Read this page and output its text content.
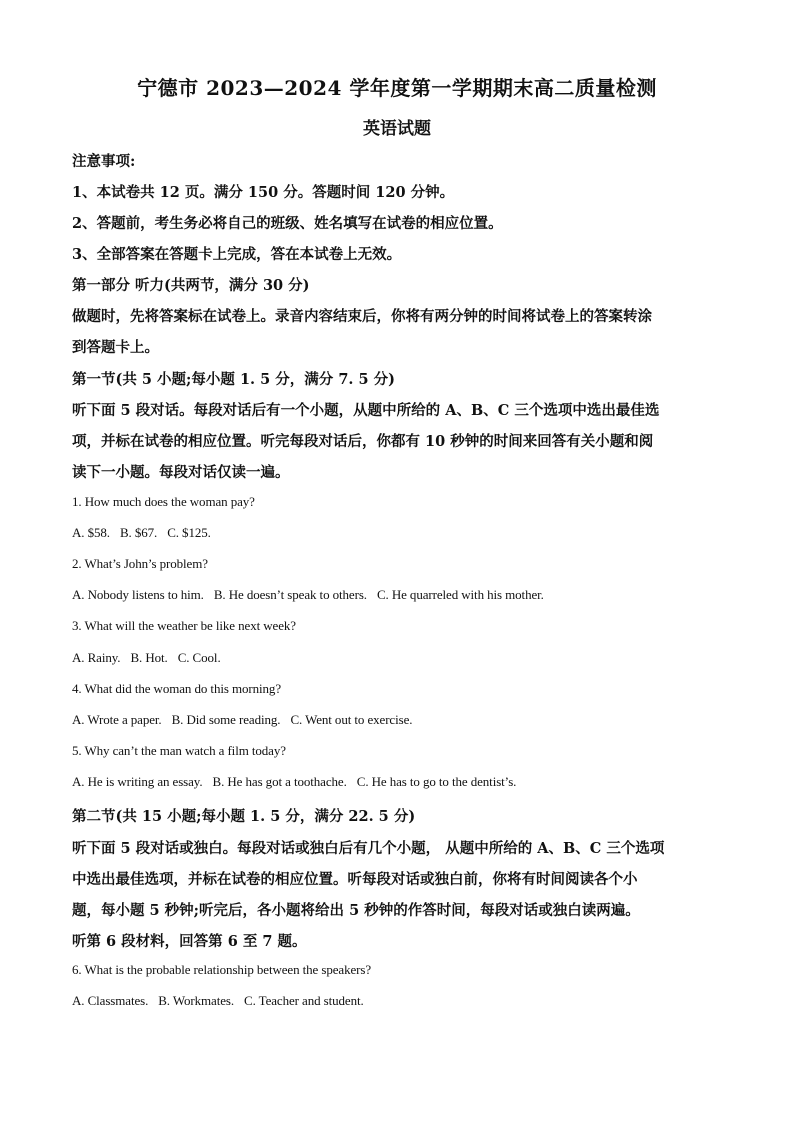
宁德市 2023—2024 学年度第一学期期末高二质量检测
英语试题
注意事项:
1、本试卷共 12 页。满分 150 分。答题时间 120 分钟。
2、答题前，考生务必将自己的班级、姓名填写在试卷的相应位置。
3、全部答案在答题卡上完成，答在本试卷上无效。
第一部分 听力(共两节，满分 30 分)
做题时，先将答案标在试卷上。录音内容结束后，你将有两分钟的时间将试卷上的答案转涂
到答题卡上。
第一节(共 5 小题;每小题 1. 5 分，满分 7. 5 分)
听下面 5 段对话。每段对话后有一个小题，从题中所给的 A、B、C 三个选项中选出最佳选
项，并标在试卷的相应位置。听完每段对话后，你都有 10 秒钟的时间来回答有关小题和阅
读下一小题。每段对话仅读一遍。
1. How much does the woman pay?
A. $58. B. $67. C. $125.
2. What’s John’s problem?
A. Nobody listens to him. B. He doesn’t speak to others. C. He quarreled with his mother.
3. What will the weather be like next week?
A. Rainy. B. Hot. C. Cool.
4. What did the woman do this morning?
A. Wrote a paper. B. Did some reading. C. Went out to exercise.
5. Why can’t the man watch a film today?
A. He is writing an essay. B. He has got a toothache. C. He has to go to the dentist’s.
第二节(共 15 小题;每小题 1. 5 分，满分 22. 5 分)
听下面 5 段对话或独白。每段对话或独白后有几个小题， 从题中所给的 A、B、C 三个选项
中选出最佳选项，并标在试卷的相应位置。听每段对话或独白前，你将有时间阅读各个小
题，每小题 5 秒钟;听完后，各小题将给出 5 秒钟的作答时间，每段对话或独白读两遍。
听第 6 段材料，回答第 6 至 7 题。
6. What is the probable relationship between the speakers?
A. Classmates. B. Workmates. C. Teacher and student.
